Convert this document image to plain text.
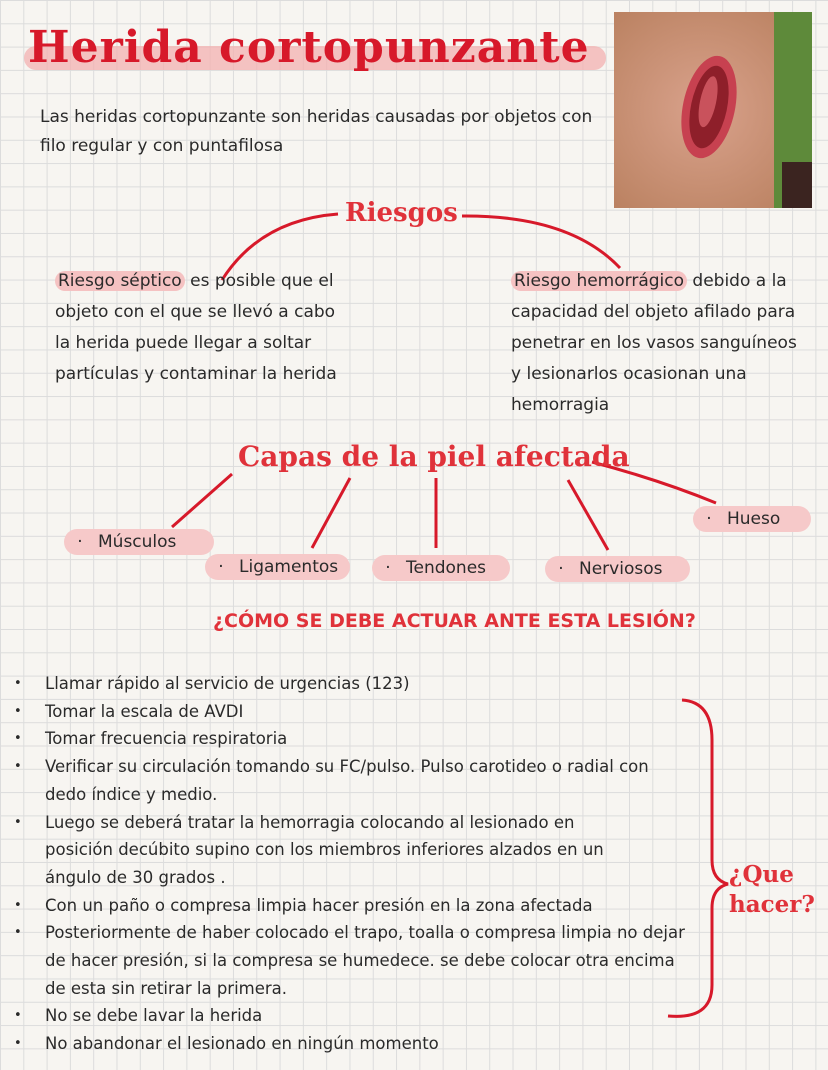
Herida cortopunzante
Las heridas cortopunzante son heridas causadas por objetos con filo regular y con puntafilosa
Riesgos
Riesgo séptico es posible que el objeto con el que se llevó a cabo la herida puede llegar a soltar partículas y contaminar la herida
Riesgo hemorrágico debido a la capacidad del objeto afilado para penetrar en los vasos sanguíneos y lesionarlos ocasionan una hemorragia
Capas de la piel afectada
· Músculos
· Ligamentos	· Tendones	· Nerviosos
· Hueso
¿CÓMO SE DEBE ACTUAR ANTE ESTA LESIÓN?
• Llamar rápido al servicio de urgencias (123)
• Tomar la escala de AVDI
• Tomar frecuencia respiratoria
• Verificar su circulación tomando su FC/pulso. Pulso carotideo o radial con dedo índice y medio.
• Luego se deberá tratar la hemorragia colocando al lesionado en posición decúbito supino con los miembros inferiores alzados en un ángulo de 30 grados .
• Con un paño o compresa limpia hacer presión en la zona afectada
• Posteriormente de haber colocado el trapo, toalla o compresa limpia no dejar de hacer presión, si la compresa se humedece. se debe colocar otra encima de esta sin retirar la primera.
• No se debe lavar la herida
• No abandonar el lesionado en ningún momento
¿Que
hacer?
